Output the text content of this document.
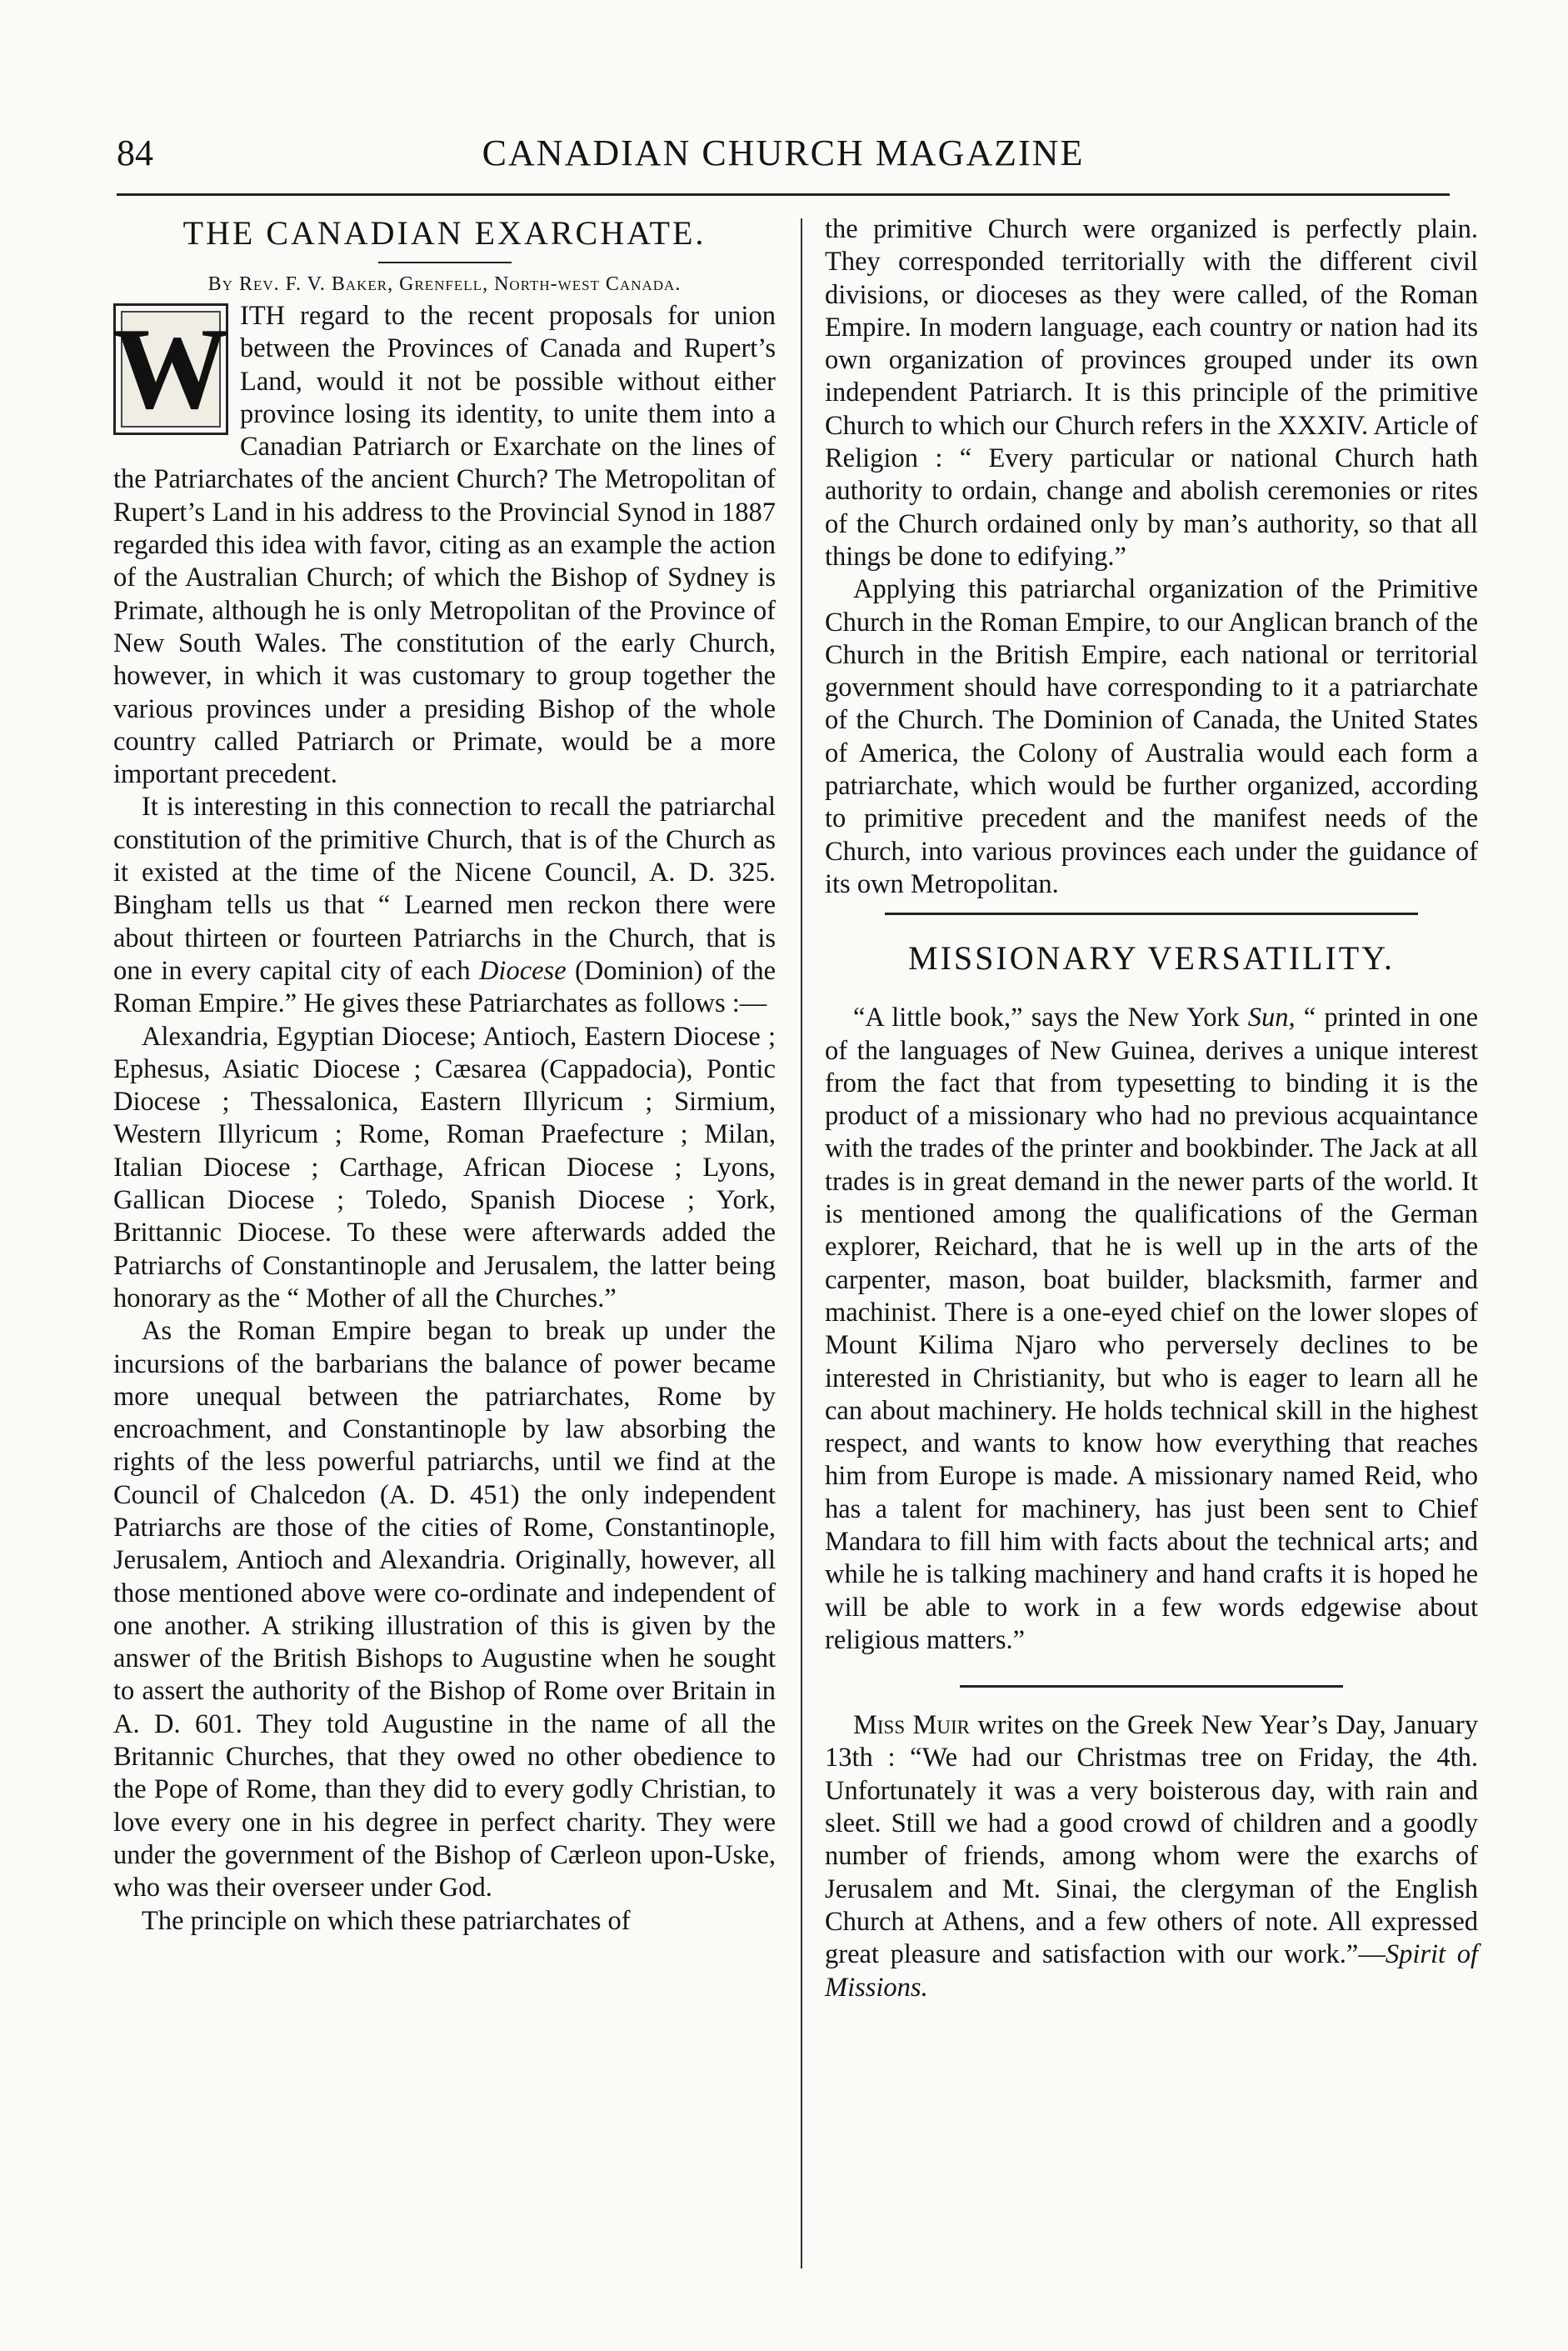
84	CANADIAN CHURCH MAGAZINE
THE CANADIAN EXARCHATE.
By Rev. F. V. Baker, Grenfell, North-west Canada.

W ITH regard to the recent proposals for union between the Provinces of Canada and Rupert’s Land, would it not be possible without either province losing its identity, to unite them into a Canadian Patriarch or Exarchate on the lines of the Patriarchates of the ancient Church? The Metropolitan of Rupert’s Land in his address to the Provincial Synod in 1887 regarded this idea with favor, citing as an example the action of the Australian Church; of which the Bishop of Sydney is Primate, although he is only Metropolitan of the Province of New South Wales. The constitution of the early Church, however, in which it was customary to group together the various provinces under a presiding Bishop of the whole country called Patriarch or Primate, would be a more important precedent.

It is interesting in this connection to recall the patriarchal constitution of the primitive Church, that is of the Church as it existed at the time of the Nicene Council, A. D. 325. Bingham tells us that “ Learned men reckon there were about thirteen or fourteen Patriarchs in the Church, that is one in every capital city of each Diocese (Dominion) of the Roman Empire.” He gives these Patriarchates as follows :—

Alexandria, Egyptian Diocese; Antioch, Eastern Diocese ; Ephesus, Asiatic Diocese ; Cæsarea (Cappadocia), Pontic Diocese ; Thessalonica, Eastern Illyricum ; Sirmium, Western Illyricum ; Rome, Roman Praefecture ; Milan, Italian Diocese ; Carthage, African Diocese ; Lyons, Gallican Diocese ; Toledo, Spanish Diocese ; York, Brittannic Diocese. To these were afterwards added the Patriarchs of Constantinople and Jerusalem, the latter being honorary as the “ Mother of all the Churches.”

As the Roman Empire began to break up under the incursions of the barbarians the balance of power became more unequal between the patriarchates, Rome by encroachment, and Constantinople by law absorbing the rights of the less powerful patriarchs, until we find at the Council of Chalcedon (A. D. 451) the only independent Patriarchs are those of the cities of Rome, Constantinople, Jerusalem, Antioch and Alexandria. Originally, however, all those mentioned above were co-ordinate and independent of one another. A striking illustration of this is given by the answer of the British Bishops to Augustine when he sought to assert the authority of the Bishop of Rome over Britain in A. D. 601. They told Augustine in the name of all the Britannic Churches, that they owed no other obedience to the Pope of Rome, than they did to every godly Christian, to love every one in his degree in perfect charity. They were under the government of the Bishop of Cærleon upon-Uske, who was their overseer under God.

The principle on which these patriarchates of

the primitive Church were organized is perfectly plain. They corresponded territorially with the different civil divisions, or dioceses as they were called, of the Roman Empire. In modern language, each country or nation had its own organization of provinces grouped under its own independent Patriarch. It is this principle of the primitive Church to which our Church refers in the XXXIV. Article of Religion : “ Every particular or national Church hath authority to ordain, change and abolish ceremonies or rites of the Church ordained only by man’s authority, so that all things be done to edifying.”

Applying this patriarchal organization of the Primitive Church in the Roman Empire, to our Anglican branch of the Church in the British Empire, each national or territorial government should have corresponding to it a patriarchate of the Church. The Dominion of Canada, the United States of America, the Colony of Australia would each form a patriarchate, which would be further organized, according to primitive precedent and the manifest needs of the Church, into various provinces each under the guidance of its own Metropolitan.

MISSIONARY VERSATILITY.

“A little book,” says the New York Sun, “ printed in one of the languages of New Guinea, derives a unique interest from the fact that from typesetting to binding it is the product of a missionary who had no previous acquaintance with the trades of the printer and bookbinder. The Jack at all trades is in great demand in the newer parts of the world. It is mentioned among the qualifications of the German explorer, Reichard, that he is well up in the arts of the carpenter, mason, boat builder, blacksmith, farmer and machinist. There is a one-eyed chief on the lower slopes of Mount Kilima Njaro who perversely declines to be interested in Christianity, but who is eager to learn all he can about machinery. He holds technical skill in the highest respect, and wants to know how everything that reaches him from Europe is made. A missionary named Reid, who has a talent for machinery, has just been sent to Chief Mandara to fill him with facts about the technical arts; and while he is talking machinery and hand crafts it is hoped he will be able to work in a few words edgewise about religious matters.”

Miss Muir writes on the Greek New Year’s Day, January 13th : “We had our Christmas tree on Friday, the 4th. Unfortunately it was a very boisterous day, with rain and sleet. Still we had a good crowd of children and a goodly number of friends, among whom were the exarchs of Jerusalem and Mt. Sinai, the clergyman of the English Church at Athens, and a few others of note. All expressed great pleasure and satisfaction with our work.”—Spirit of Missions.
